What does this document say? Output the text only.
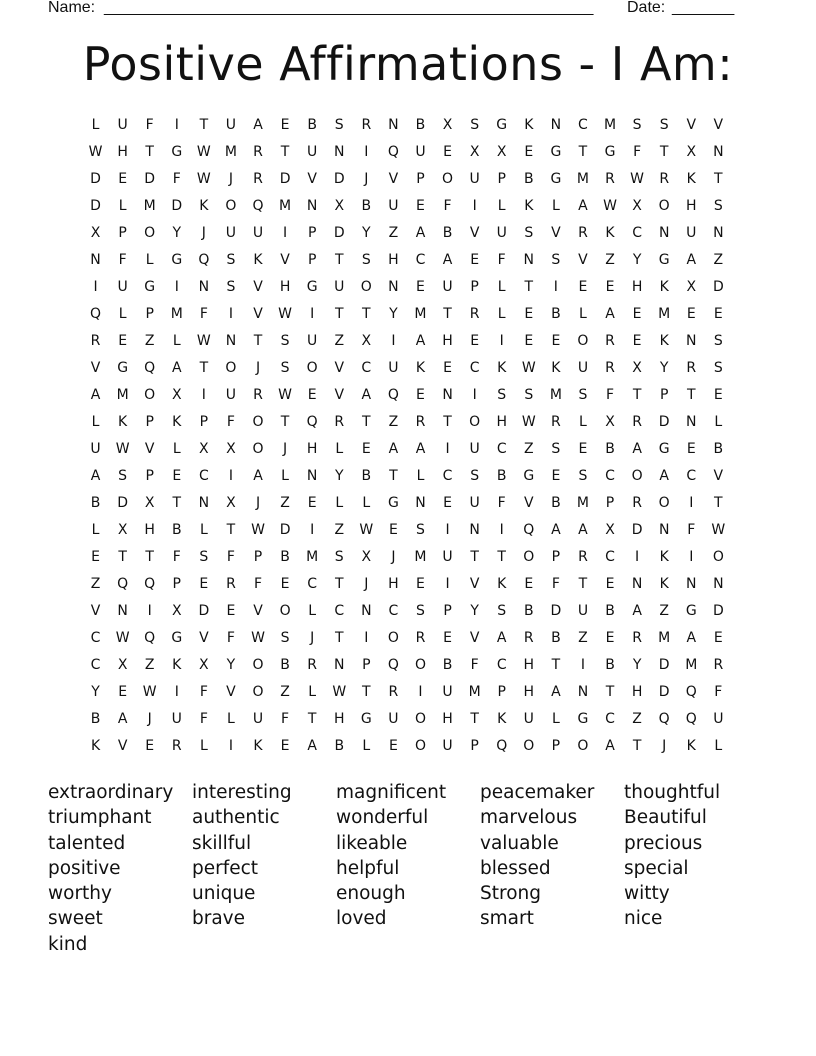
Name: _______________________________________________________ Date: _______
Positive Affirmations - I Am:
L	U	F	I	T	U	A	E	B	S	R	N	B	X	S	G	K	N	C	M	S	S	V	V
W	H	T	G	W	M	R	T	U	N	I	Q	U	E	X	X	E	G	T	G	F	T	X	N
D	E	D	F	W	J	R	D	V	D	J	V	P	O	U	P	B	G	M	R	W	R	K	T
D	L	M	D	K	O	Q	M	N	X	B	U	E	F	I	L	K	L	A	W	X	O	H	S
X	P	O	Y	J	U	U	I	P	D	Y	Z	A	B	V	U	S	V	R	K	C	N	U	N
N	F	L	G	Q	S	K	V	P	T	S	H	C	A	E	F	N	S	V	Z	Y	G	A	Z
I	U	G	I	N	S	V	H	G	U	O	N	E	U	P	L	T	I	E	E	H	K	X	D
Q	L	P	M	F	I	V	W	I	T	T	Y	M	T	R	L	E	B	L	A	E	M	E	E
R	E	Z	L	W	N	T	S	U	Z	X	I	A	H	E	I	E	E	O	R	E	K	N	S
V	G	Q	A	T	O	J	S	O	V	C	U	K	E	C	K	W	K	U	R	X	Y	R	S
A	M	O	X	I	U	R	W	E	V	A	Q	E	N	I	S	S	M	S	F	T	P	T	E
L	K	P	K	P	F	O	T	Q	R	T	Z	R	T	O	H	W	R	L	X	R	D	N	L
U	W	V	L	X	X	O	J	H	L	E	A	A	I	U	C	Z	S	E	B	A	G	E	B
A	S	P	E	C	I	A	L	N	Y	B	T	L	C	S	B	G	E	S	C	O	A	C	V
B	D	X	T	N	X	J	Z	E	L	L	G	N	E	U	F	V	B	M	P	R	O	I	T
L	X	H	B	L	T	W	D	I	Z	W	E	S	I	N	I	Q	A	A	X	D	N	F	W
E	T	T	F	S	F	P	B	M	S	X	J	M	U	T	T	O	P	R	C	I	K	I	O
Z	Q	Q	P	E	R	F	E	C	T	J	H	E	I	V	K	E	F	T	E	N	K	N	N
V	N	I	X	D	E	V	O	L	C	N	C	S	P	Y	S	B	D	U	B	A	Z	G	D
C	W	Q	G	V	F	W	S	J	T	I	O	R	E	V	A	R	B	Z	E	R	M	A	E
C	X	Z	K	X	Y	O	B	R	N	P	Q	O	B	F	C	H	T	I	B	Y	D	M	R
Y	E	W	I	F	V	O	Z	L	W	T	R	I	U	M	P	H	A	N	T	H	D	Q	F
B	A	J	U	F	L	U	F	T	H	G	U	O	H	T	K	U	L	G	C	Z	Q	Q	U
K	V	E	R	L	I	K	E	A	B	L	E	O	U	P	Q	O	P	O	A	T	J	K	L
extraordinary	interesting	magnificent	peacemaker	thoughtful
triumphant	authentic	wonderful	marvelous	Beautiful
talented	skillful	likeable	valuable	precious
positive	perfect	helpful	blessed	special
worthy	unique	enough	Strong	witty
sweet	brave	loved	smart	nice
kind
